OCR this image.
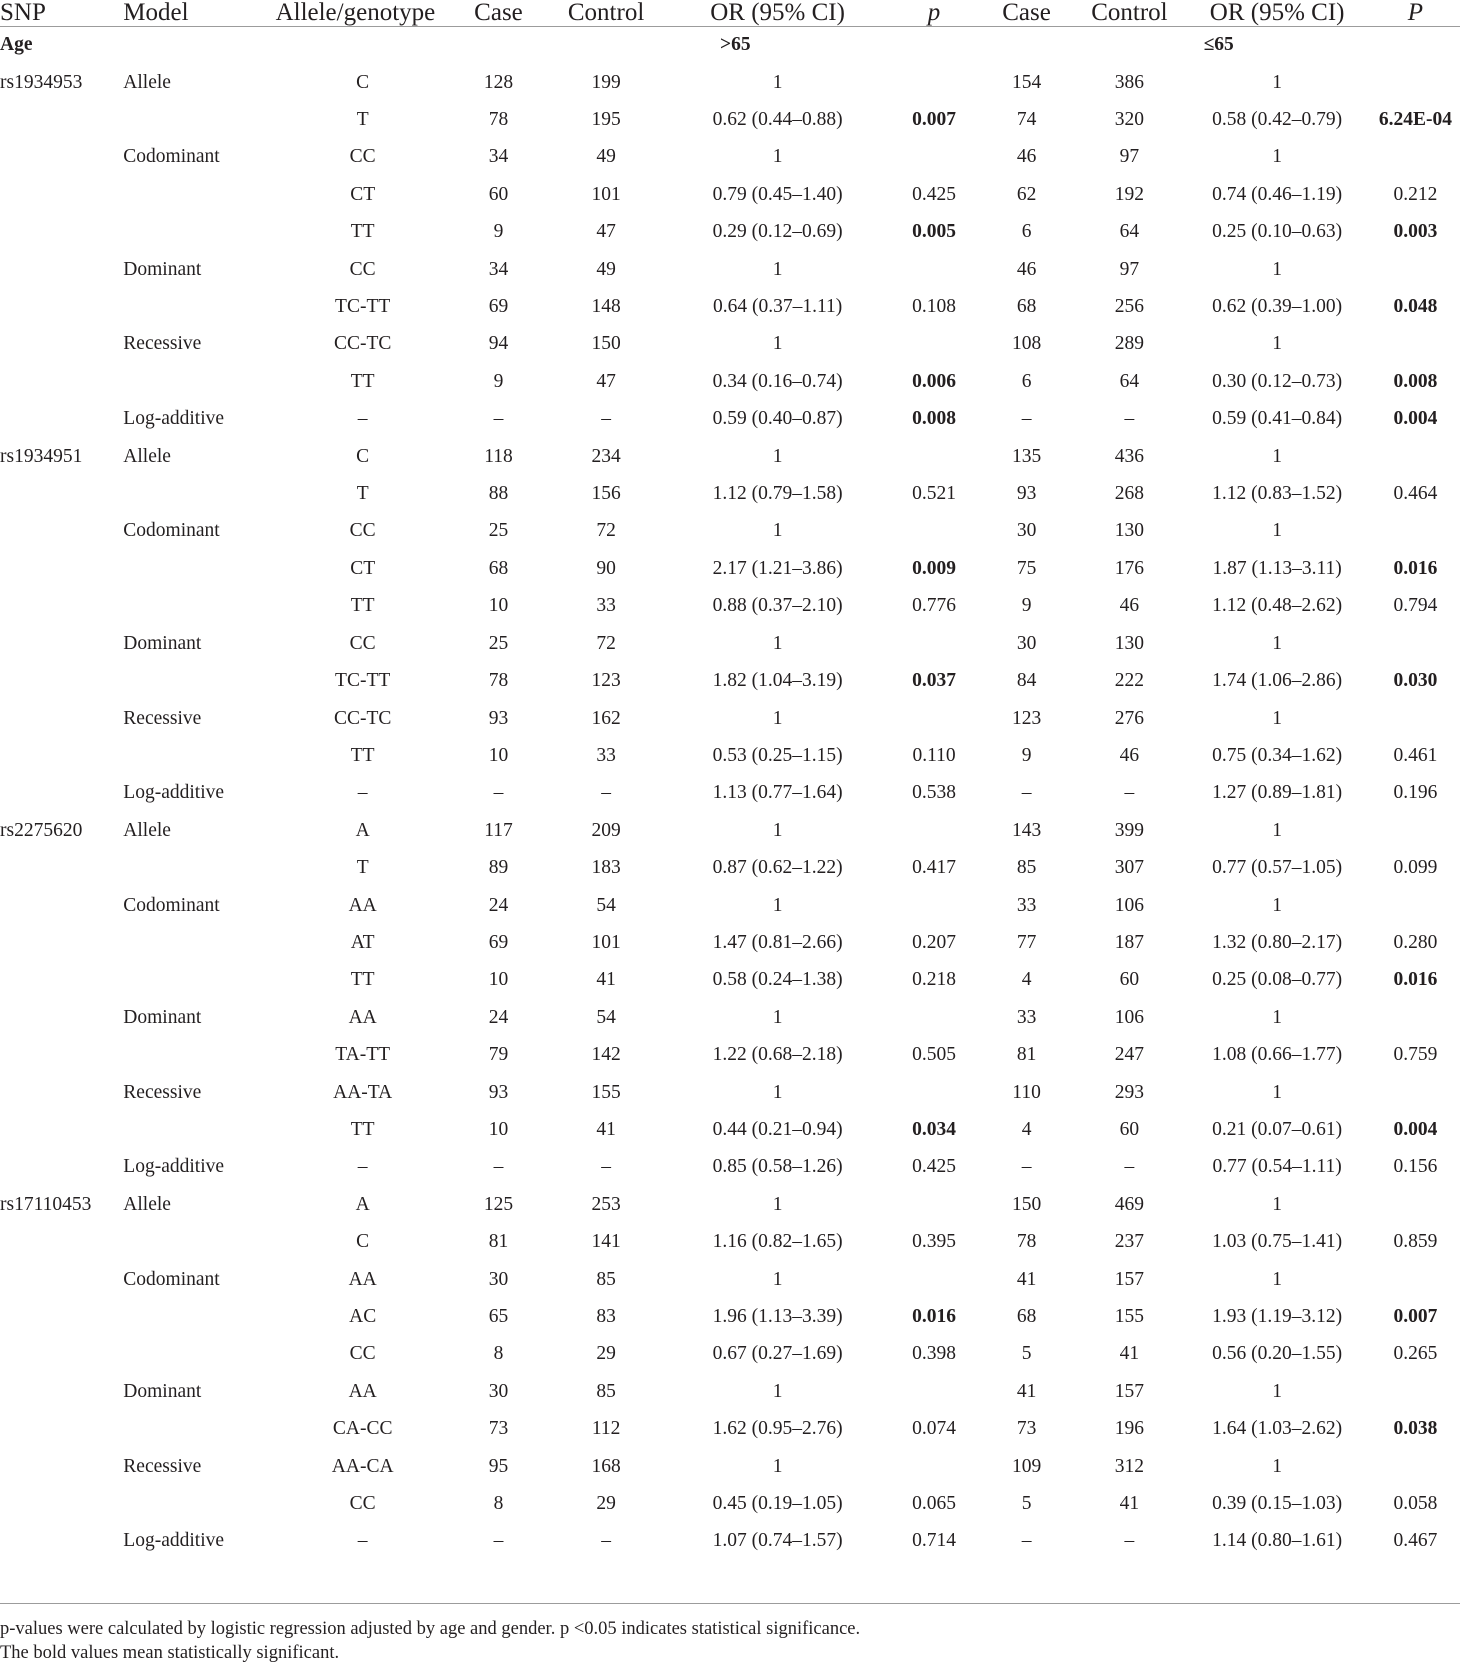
SNP	Model	Allele/genotype	Case	Control	OR (95% CI)	p	Case	Control	OR (95% CI)	P
Age					>65				≤65	
rs1934953	Allele	C	128	199	1		154	386	1	
		T	78	195	0.62 (0.44–0.88)	0.007	74	320	0.58 (0.42–0.79)	6.24E-04
	Codominant	CC	34	49	1		46	97	1	
		CT	60	101	0.79 (0.45–1.40)	0.425	62	192	0.74 (0.46–1.19)	0.212
		TT	9	47	0.29 (0.12–0.69)	0.005	6	64	0.25 (0.10–0.63)	0.003
	Dominant	CC	34	49	1		46	97	1	
		TC-TT	69	148	0.64 (0.37–1.11)	0.108	68	256	0.62 (0.39–1.00)	0.048
	Recessive	CC-TC	94	150	1		108	289	1	
		TT	9	47	0.34 (0.16–0.74)	0.006	6	64	0.30 (0.12–0.73)	0.008
	Log-additive	–	–	–	0.59 (0.40–0.87)	0.008	–	–	0.59 (0.41–0.84)	0.004
rs1934951	Allele	C	118	234	1		135	436	1	
		T	88	156	1.12 (0.79–1.58)	0.521	93	268	1.12 (0.83–1.52)	0.464
	Codominant	CC	25	72	1		30	130	1	
		CT	68	90	2.17 (1.21–3.86)	0.009	75	176	1.87 (1.13–3.11)	0.016
		TT	10	33	0.88 (0.37–2.10)	0.776	9	46	1.12 (0.48–2.62)	0.794
	Dominant	CC	25	72	1		30	130	1	
		TC-TT	78	123	1.82 (1.04–3.19)	0.037	84	222	1.74 (1.06–2.86)	0.030
	Recessive	CC-TC	93	162	1		123	276	1	
		TT	10	33	0.53 (0.25–1.15)	0.110	9	46	0.75 (0.34–1.62)	0.461
	Log-additive	–	–	–	1.13 (0.77–1.64)	0.538	–	–	1.27 (0.89–1.81)	0.196
rs2275620	Allele	A	117	209	1		143	399	1	
		T	89	183	0.87 (0.62–1.22)	0.417	85	307	0.77 (0.57–1.05)	0.099
	Codominant	AA	24	54	1		33	106	1	
		AT	69	101	1.47 (0.81–2.66)	0.207	77	187	1.32 (0.80–2.17)	0.280
		TT	10	41	0.58 (0.24–1.38)	0.218	4	60	0.25 (0.08–0.77)	0.016
	Dominant	AA	24	54	1		33	106	1	
		TA-TT	79	142	1.22 (0.68–2.18)	0.505	81	247	1.08 (0.66–1.77)	0.759
	Recessive	AA-TA	93	155	1		110	293	1	
		TT	10	41	0.44 (0.21–0.94)	0.034	4	60	0.21 (0.07–0.61)	0.004
	Log-additive	–	–	–	0.85 (0.58–1.26)	0.425	–	–	0.77 (0.54–1.11)	0.156
rs17110453	Allele	A	125	253	1		150	469	1	
		C	81	141	1.16 (0.82–1.65)	0.395	78	237	1.03 (0.75–1.41)	0.859
	Codominant	AA	30	85	1		41	157	1	
		AC	65	83	1.96 (1.13–3.39)	0.016	68	155	1.93 (1.19–3.12)	0.007
		CC	8	29	0.67 (0.27–1.69)	0.398	5	41	0.56 (0.20–1.55)	0.265
	Dominant	AA	30	85	1		41	157	1	
		CA-CC	73	112	1.62 (0.95–2.76)	0.074	73	196	1.64 (1.03–2.62)	0.038
	Recessive	AA-CA	95	168	1		109	312	1	
		CC	8	29	0.45 (0.19–1.05)	0.065	5	41	0.39 (0.15–1.03)	0.058
	Log-additive	–	–	–	1.07 (0.74–1.57)	0.714	–	–	1.14 (0.80–1.61)	0.467
p-values were calculated by logistic regression adjusted by age and gender. p <0.05 indicates statistical significance.
The bold values mean statistically significant.
